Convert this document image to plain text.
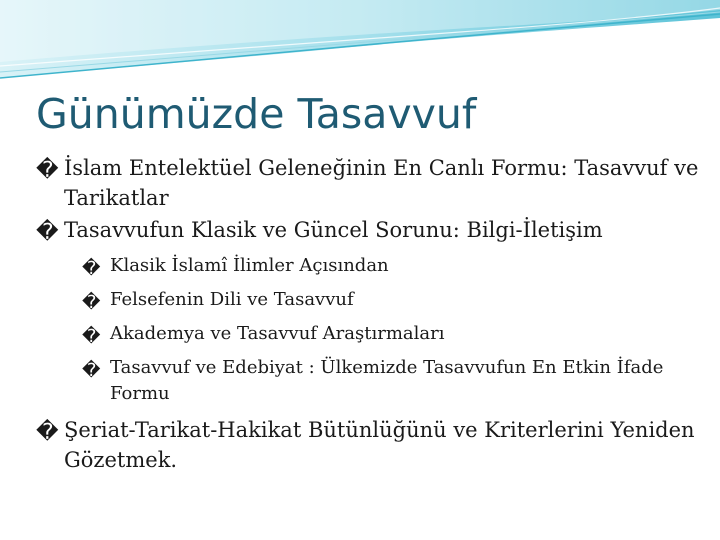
Günümüzde Tasavvuf
� İslam Entelektüel Geleneğinin En Canlı Formu: Tasavvuf ve Tarikatlar
� Tasavvufun Klasik ve Güncel Sorunu: Bilgi-İletişim
� Klasik İslamî İlimler Açısından
� Felsefenin Dili ve Tasavvuf
� Akademya ve Tasavvuf Araştırmaları
� Tasavvuf ve Edebiyat : Ülkemizde Tasavvufun En Etkin İfade Formu
� Şeriat-Tarikat-Hakikat Bütünlüğünü ve Kriterlerini Yeniden Gözetmek.
